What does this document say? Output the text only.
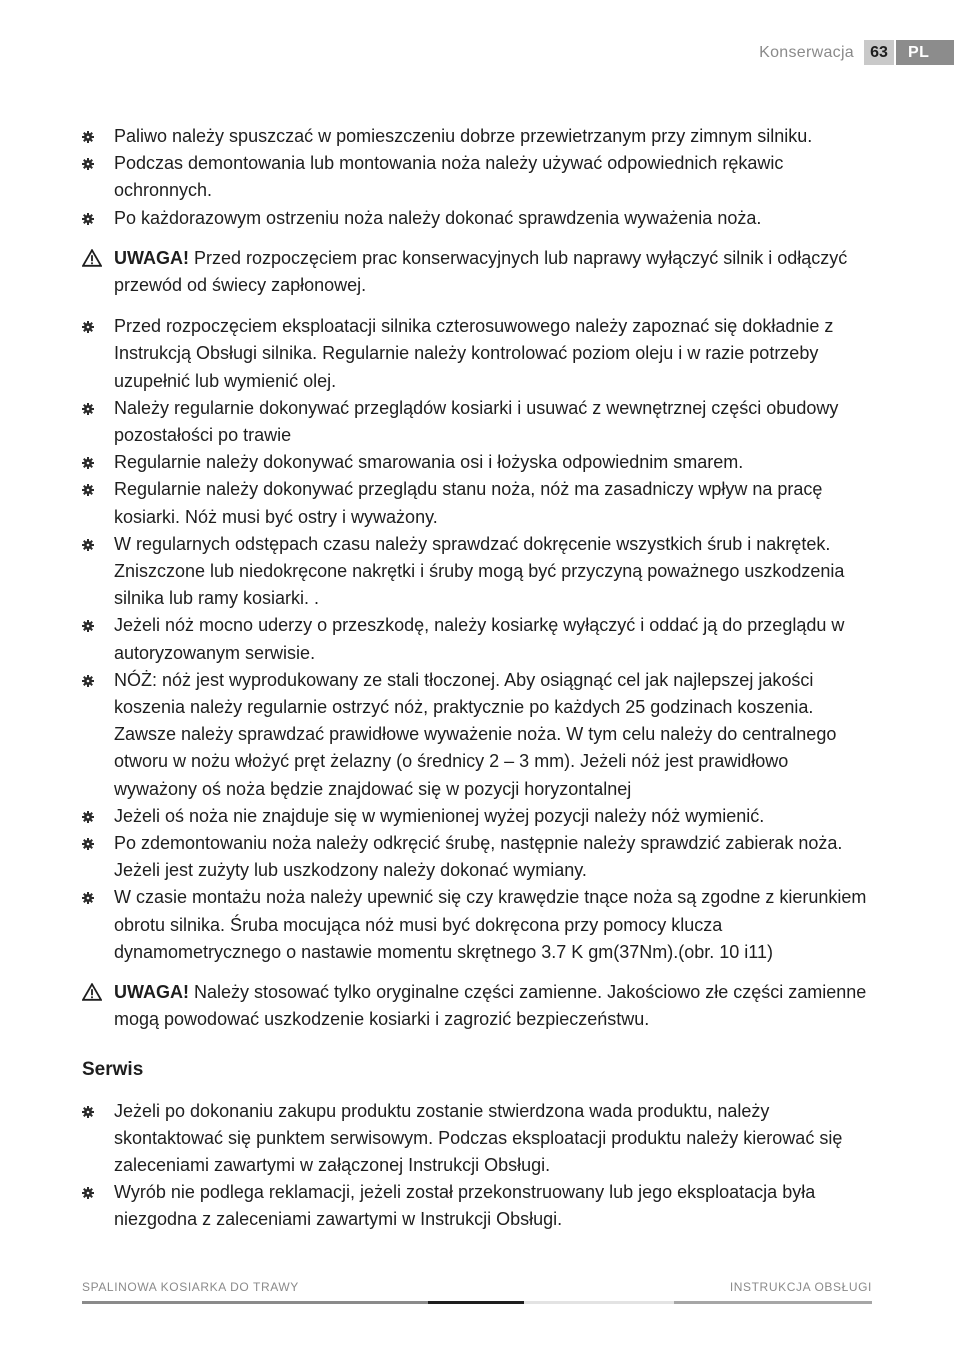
Konserwacja	63	PL
Paliwo należy spuszczać w pomieszczeniu dobrze przewietrzanym przy zimnym silniku.
Podczas demontowania lub montowania noża należy używać odpowiednich rękawic ochronnych.
Po każdorazowym ostrzeniu noża należy dokonać sprawdzenia wyważenia noża.
UWAGA! Przed rozpoczęciem prac konserwacyjnych lub naprawy wyłączyć silnik i odłączyć przewód od świecy zapłonowej.
Przed rozpoczęciem eksploatacji silnika czterosuwowego należy zapoznać się dokładnie z Instrukcją Obsługi silnika. Regularnie należy kontrolować poziom oleju i w razie potrzeby uzupełnić lub wymienić olej.
Należy regularnie dokonywać przeglądów kosiarki i usuwać z wewnętrznej części obudowy pozostałości po trawie
Regularnie należy dokonywać smarowania osi i łożyska odpowiednim smarem.
Regularnie należy dokonywać przeglądu stanu noża, nóż ma zasadniczy wpływ na pracę kosiarki. Nóż musi być ostry i wyważony.
W regularnych odstępach czasu należy sprawdzać dokręcenie wszystkich śrub i nakrętek. Zniszczone lub niedokręcone nakrętki i śruby mogą być przyczyną poważnego uszkodzenia silnika lub ramy kosiarki. .
Jeżeli nóż mocno uderzy o przeszkodę, należy kosiarkę wyłączyć i oddać ją do przeglądu w autoryzowanym serwisie.
NÓŻ: nóż jest wyprodukowany ze stali tłoczonej. Aby osiągnąć cel jak najlepszej jakości koszenia należy regularnie ostrzyć nóż, praktycznie po każdych 25 godzinach koszenia. Zawsze należy sprawdzać prawidłowe wyważenie noża. W tym celu należy do centralnego otworu w nożu włożyć pręt żelazny (o średnicy 2 – 3 mm). Jeżeli nóż jest prawidłowo wyważony oś noża będzie znajdować się w pozycji horyzontalnej
Jeżeli oś noża nie znajduje się w wymienionej wyżej pozycji należy nóż wymienić.
Po zdemontowaniu noża należy odkręcić śrubę, następnie należy sprawdzić zabierak noża. Jeżeli jest zużyty lub uszkodzony należy dokonać wymiany.
W czasie montażu noża należy upewnić się czy krawędzie tnące noża są zgodne z kierunkiem obrotu silnika. Śruba mocująca nóż musi być dokręcona przy pomocy klucza dynamometrycznego o nastawie momentu skrętnego 3.7 K gm(37Nm).(obr. 10 i11)
UWAGA! Należy stosować tylko oryginalne części zamienne. Jakościowo złe części zamienne mogą powodować uszkodzenie kosiarki i zagrozić bezpieczeństwu.
Serwis
Jeżeli po dokonaniu zakupu produktu zostanie stwierdzona wada produktu, należy skontaktować się punktem serwisowym. Podczas eksploatacji produktu należy kierować się zaleceniami zawartymi w załączonej Instrukcji Obsługi.
Wyrób nie podlega reklamacji, jeżeli został przekonstruowany lub jego eksploatacja była niezgodna z zaleceniami zawartymi w Instrukcji Obsługi.
SPALINOWA KOSIARKA DO TRAWY	INSTRUKCJA OBSŁUGI
